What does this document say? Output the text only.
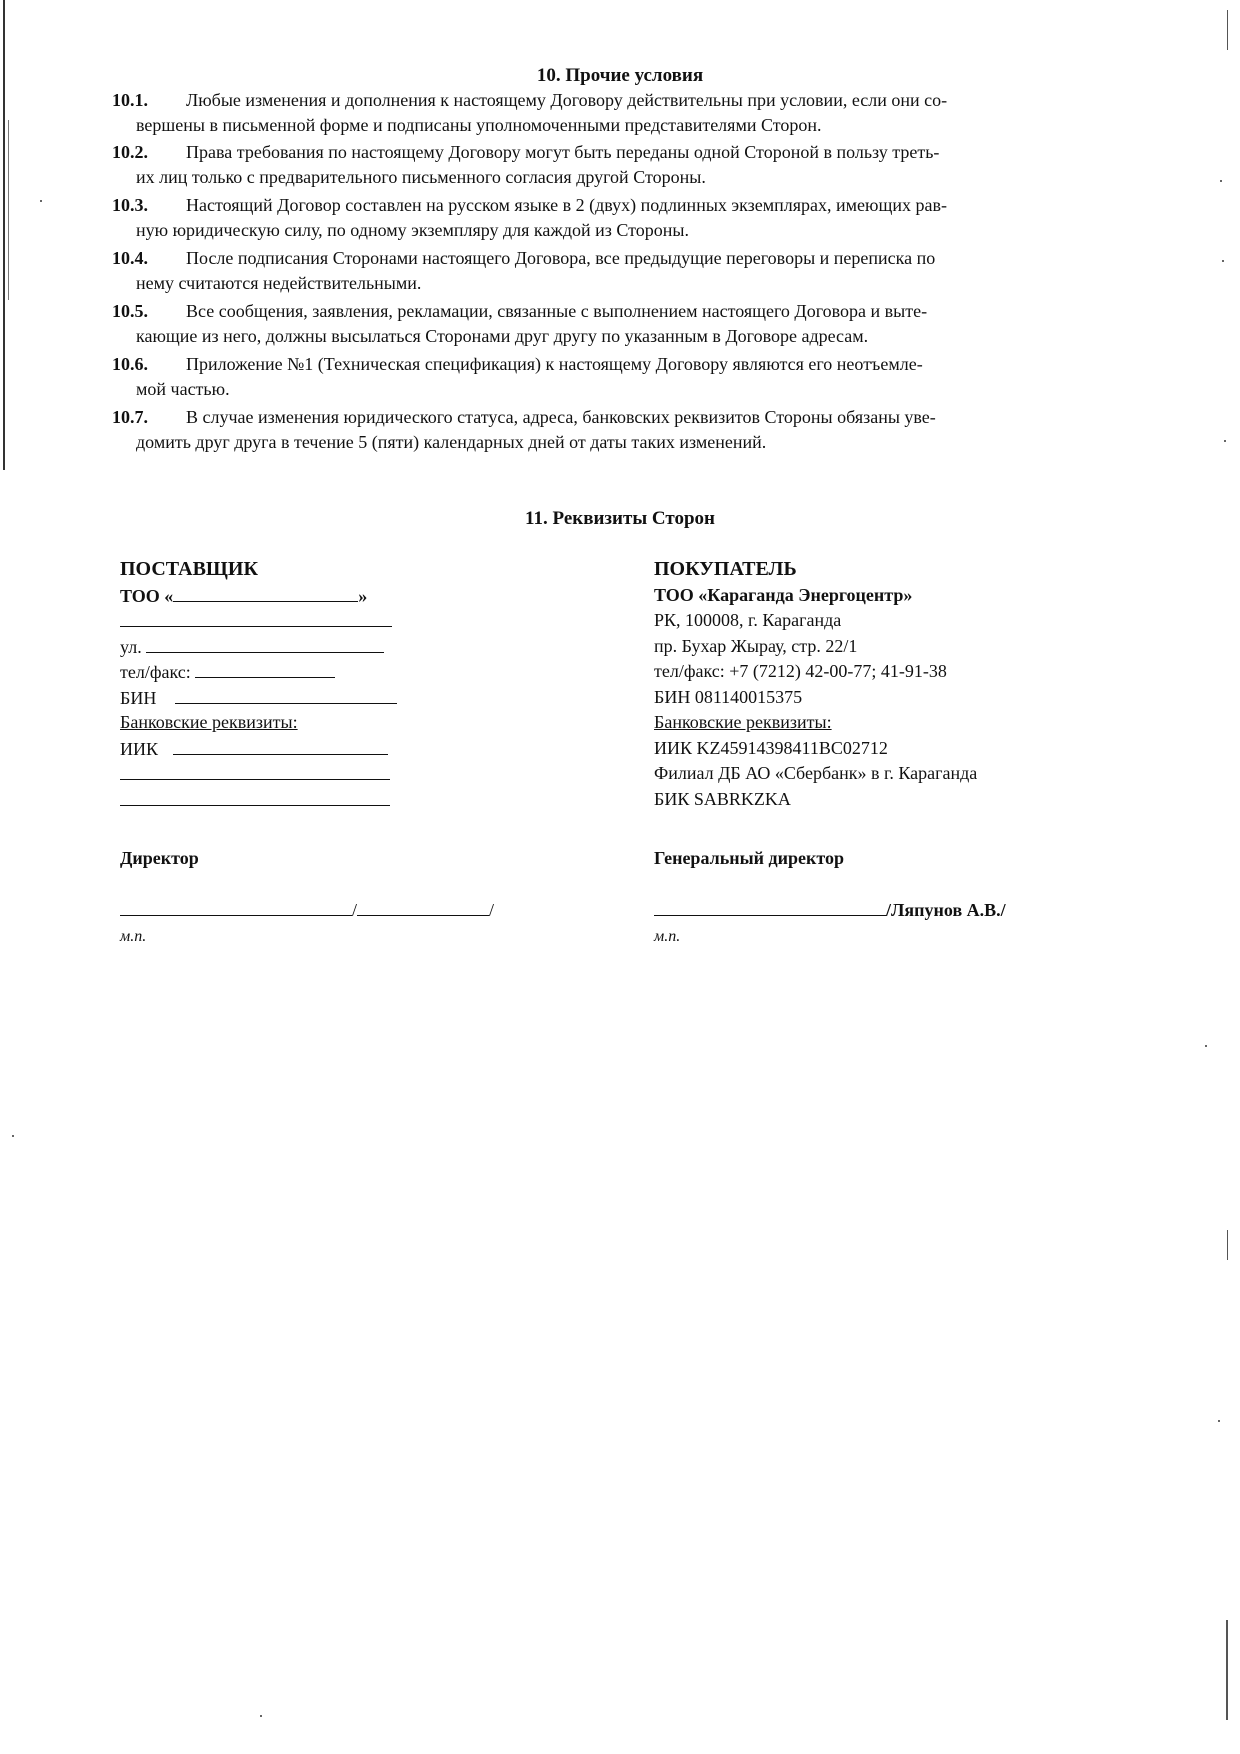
10. Прочие условия
10.1.	Любые изменения и дополнения к настоящему Договору действительны при условии, если они со-
вершены в письменной форме и подписаны уполномоченными представителями Сторон.
10.2.	Права требования по настоящему Договору могут быть переданы одной Стороной в пользу треть-
их лиц только с предварительного письменного согласия другой Стороны.
10.3.	Настоящий Договор составлен на русском языке в 2 (двух) подлинных экземплярах, имеющих рав-
ную юридическую силу, по одному экземпляру для каждой из Стороны.
10.4.	После подписания Сторонами настоящего Договора, все предыдущие переговоры и переписка по
нему считаются недействительными.
10.5.	Все сообщения, заявления, рекламации, связанные с выполнением настоящего Договора и выте-
кающие из него, должны высылаться Сторонами друг другу по указанным в Договоре адресам.
10.6.	Приложение №1 (Техническая спецификация) к настоящему Договору являются его неотъемле-
мой частью.
10.7.	В случае изменения юридического статуса, адреса, банковских реквизитов Стороны обязаны уве-
домить друг друга в течение 5 (пяти) календарных дней от даты таких изменений.
11. Реквизиты Сторон
ПОСТАВЩИК
ТОО «	»
ул.
тел/факс:
БИН
Банковские реквизиты:
ИИК
Директор
/	/
м.п.
ПОКУПАТЕЛЬ
ТОО «Караганда Энергоцентр»
РК, 100008, г. Караганда
пр. Бухар Жырау, стр. 22/1
тел/факс: +7 (7212) 42-00-77; 41-91-38
БИН 081140015375
Банковские реквизиты:
ИИК KZ45914398411BC02712
Филиал ДБ АО «Сбербанк» в г. Караганда
БИК SABRKZKA
Генеральный директор
/Ляпунов А.В./
м.п.
